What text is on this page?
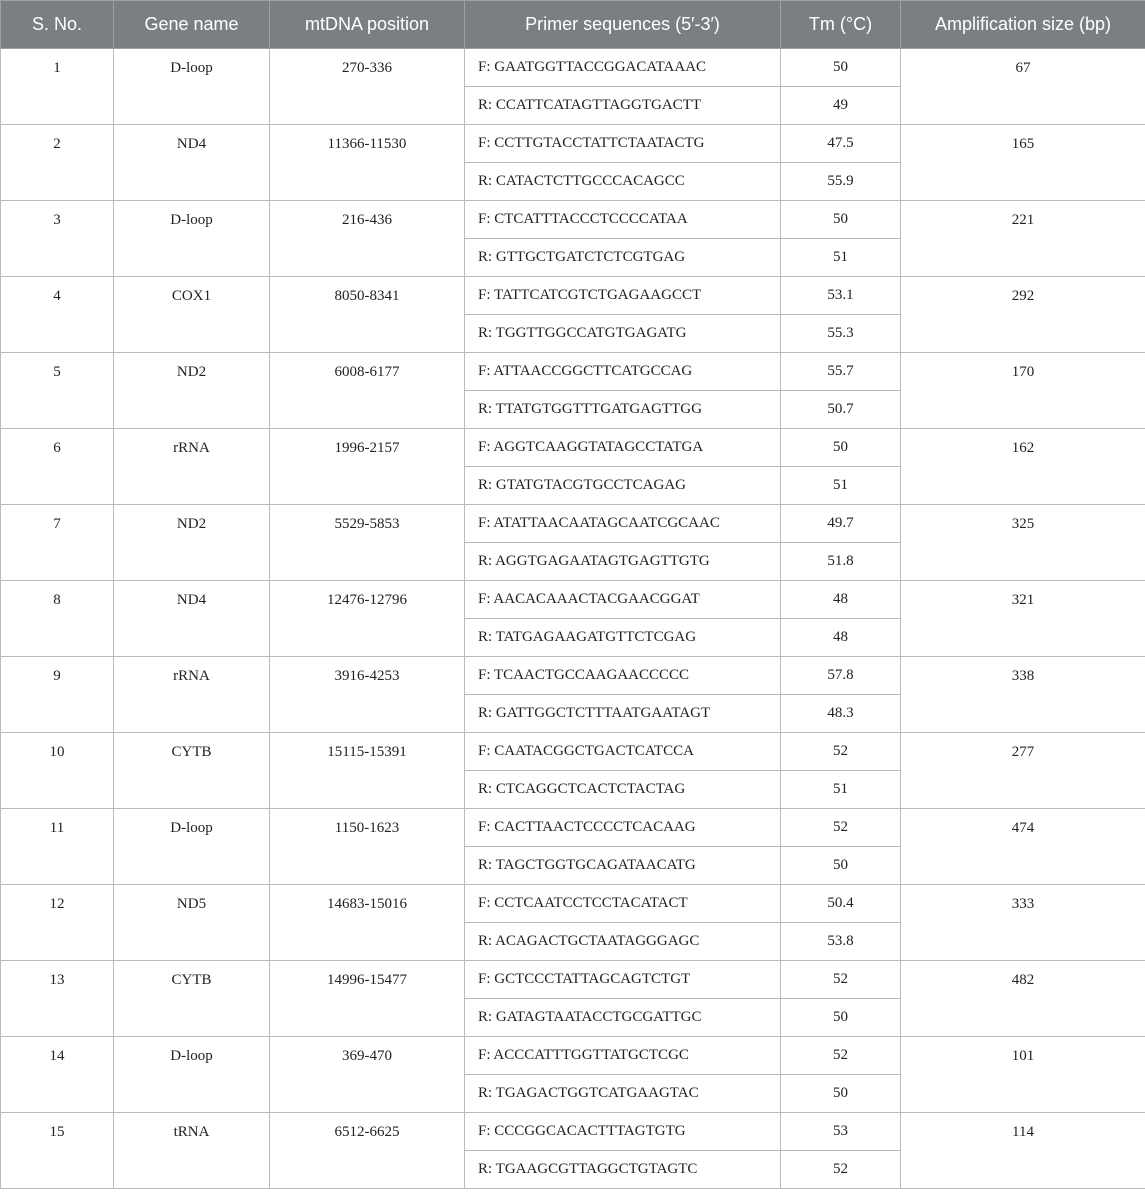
S. No.	Gene name	mtDNA position	Primer sequences (5′-3′)	Tm (°C)	Amplification size (bp)
1	D-loop	270-336	F: GAATGGTTACCGGACATAAAC	50	67
			R: CCATTCATAGTTAGGTGACTT	49	
2	ND4	11366-11530	F: CCTTGTACCTATTCTAATACTG	47.5	165
			R: CATACTCTTGCCCACAGCC	55.9	
3	D-loop	216-436	F: CTCATTTACCCTCCCCATAA	50	221
			R: GTTGCTGATCTCTCGTGAG	51	
4	COX1	8050-8341	F: TATTCATCGTCTGAGAAGCCT	53.1	292
			R: TGGTTGGCCATGTGAGATG	55.3	
5	ND2	6008-6177	F: ATTAACCGGCTTCATGCCAG	55.7	170
			R: TTATGTGGTTTGATGAGTTGG	50.7	
6	rRNA	1996-2157	F: AGGTCAAGGTATAGCCTATGA	50	162
			R: GTATGTACGTGCCTCAGAG	51	
7	ND2	5529-5853	F: ATATTAACAATAGCAATCGCAAC	49.7	325
			R: AGGTGAGAATAGTGAGTTGTG	51.8	
8	ND4	12476-12796	F: AACACAAACTACGAACGGAT	48	321
			R: TATGAGAAGATGTTCTCGAG	48	
9	rRNA	3916-4253	F: TCAACTGCCAAGAACCCCC	57.8	338
			R: GATTGGCTCTTTAATGAATAGT	48.3	
10	CYTB	15115-15391	F: CAATACGGCTGACTCATCCA	52	277
			R: CTCAGGCTCACTCTACTAG	51	
11	D-loop	1150-1623	F: CACTTAACTCCCCTCACAAG	52	474
			R: TAGCTGGTGCAGATAACATG	50	
12	ND5	14683-15016	F: CCTCAATCCTCCTACATACT	50.4	333
			R: ACAGACTGCTAATAGGGAGC	53.8	
13	CYTB	14996-15477	F: GCTCCCTATTAGCAGTCTGT	52	482
			R: GATAGTAATACCTGCGATTGC	50	
14	D-loop	369-470	F: ACCCATTTGGTTATGCTCGC	52	101
			R: TGAGACTGGTCATGAAGTAC	50	
15	tRNA	6512-6625	F: CCCGGCACACTTTAGTGTG	53	114
			R: TGAAGCGTTAGGCTGTAGTC	52	
